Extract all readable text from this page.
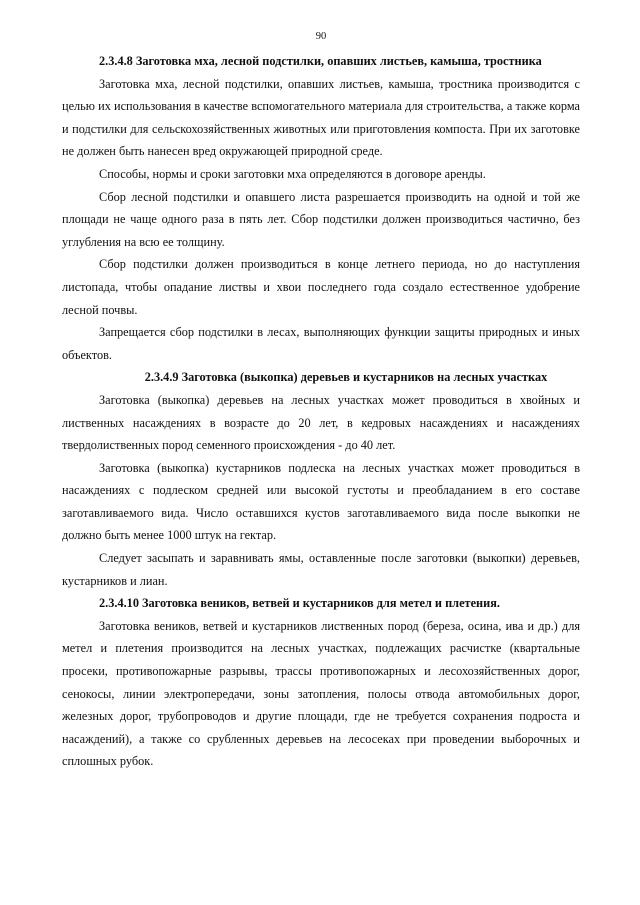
90
2.3.4.8 Заготовка мха, лесной подстилки, опавших листьев, камыша, тростника

Заготовка мха, лесной подстилки, опавших листьев, камыша, тростника производится с целью их использования в качестве вспомогательного материала для строительства, а также корма и подстилки для сельскохозяйственных животных или приготовления компоста. При их заготовке не должен быть нанесен вред окружающей природной среде.

Способы, нормы и сроки заготовки мха определяются в договоре аренды.

Сбор лесной подстилки и опавшего листа разрешается производить на одной и той же площади не чаще одного раза в пять лет. Сбор подстилки должен производиться частично, без углубления на всю ее толщину.

Сбор подстилки должен производиться в конце летнего периода, но до наступления листопада, чтобы опадание листвы и хвои последнего года создало естественное удобрение лесной почвы.

Запрещается сбор подстилки в лесах, выполняющих функции защиты природных и иных объектов.

2.3.4.9 Заготовка (выкопка) деревьев и кустарников на лесных участках

Заготовка (выкопка) деревьев на лесных участках может проводиться в хвойных и лиственных насаждениях в возрасте до 20 лет, в кедровых насаждениях и насаждениях твердолиственных пород семенного происхождения - до 40 лет.

Заготовка (выкопка) кустарников подлеска на лесных участках может проводиться в насаждениях с подлеском средней или высокой густоты и преобладанием в его составе заготавливаемого вида. Число оставшихся кустов заготавливаемого вида после выкопки не должно быть менее 1000 штук на гектар.

Следует засыпать и заравнивать ямы, оставленные после заготовки (выкопки) деревьев, кустарников и лиан.

2.3.4.10 Заготовка веников, ветвей и кустарников для метел и плетения.

Заготовка веников, ветвей и кустарников лиственных пород (береза, осина, ива и др.) для метел и плетения производится на лесных участках, подлежащих расчистке (квартальные просеки, противопожарные разрывы, трассы противопожарных и лесохозяйственных дорог, сенокосы, линии электропередачи, зоны затопления, полосы отвода автомобильных дорог, железных дорог, трубопроводов и другие площади, где не требуется сохранения подроста и насаждений), а также со срубленных деревьев на лесосеках при проведении выборочных и сплошных рубок.
